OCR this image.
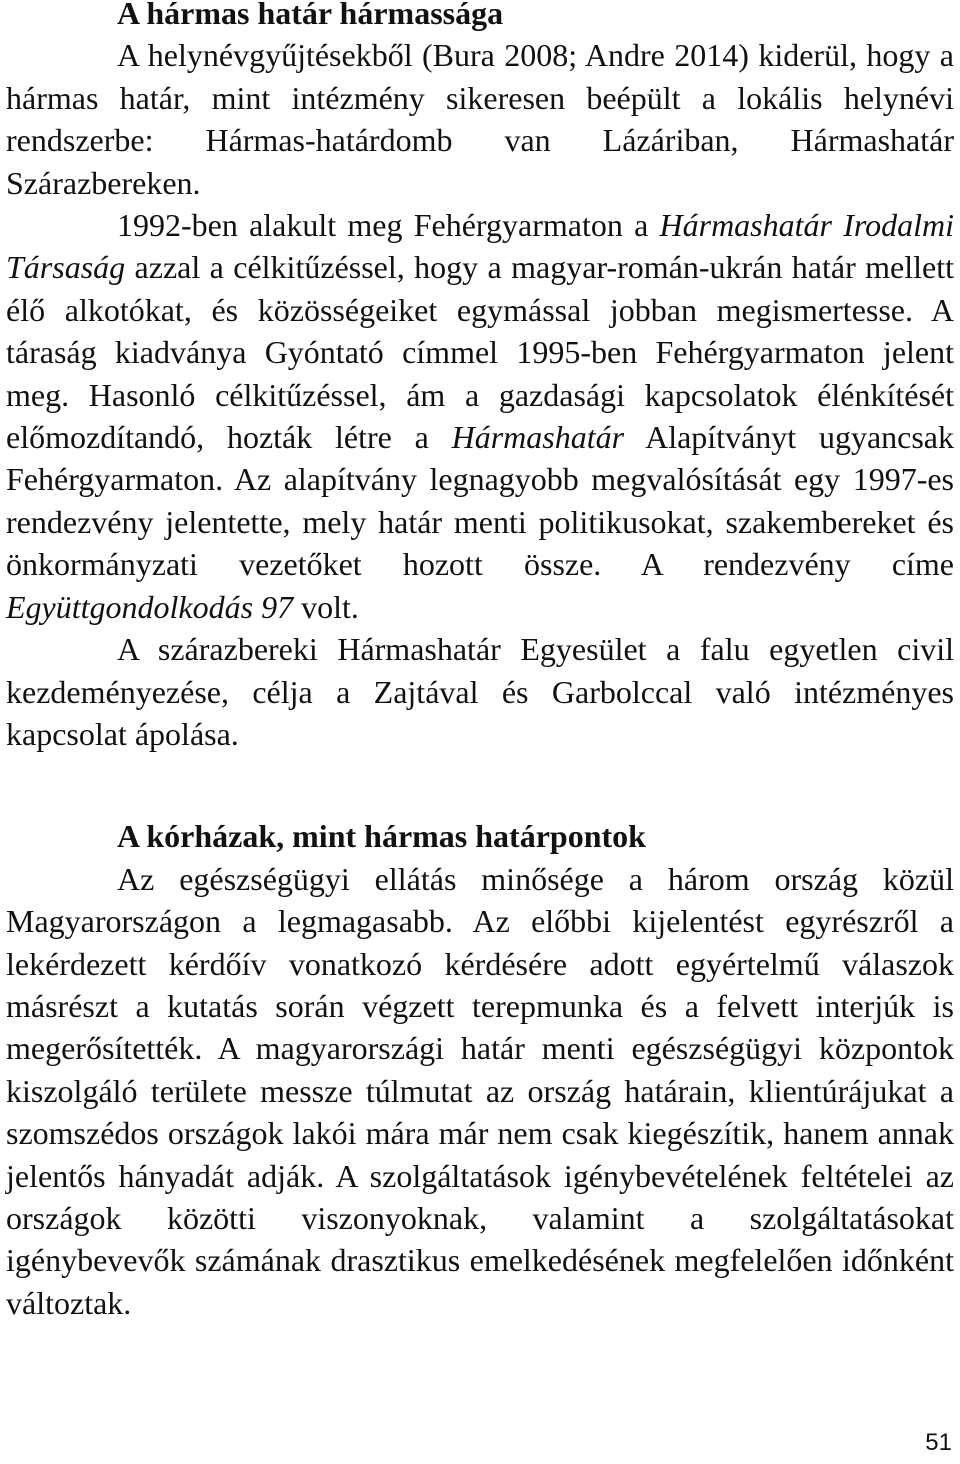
A hármas határ hármassága

A helynévgyűjtésekből (Bura 2008; Andre 2014) kiderül, hogy a hármas határ, mint intézmény sikeresen beépült a lokális helynévi rendszerbe: Hármas-határdomb van Lázáriban, Hármashatár Szárazbereken.

1992-ben alakult meg Fehérgyarmaton a Hármashatár Irodalmi Társaság azzal a célkitűzéssel, hogy a magyar-román-ukrán határ mellett élő alkotókat, és közösségeiket egymással jobban megismertesse. A táraság kiadványa Gyóntató címmel 1995-ben Fehérgyarmaton jelent meg. Hasonló célkitűzéssel, ám a gazdasági kapcsolatok élénkítését előmozdítandó, hozták létre a Hármashatár Alapítványt ugyancsak Fehérgyarmaton. Az alapítvány legnagyobb megvalósítását egy 1997-es rendezvény jelentette, mely határ menti politikusokat, szakembereket és önkormányzati vezetőket hozott össze. A rendezvény címe Együttgondolkodás 97 volt.

A szárazbereki Hármashatár Egyesület a falu egyetlen civil kezdeményezése, célja a Zajtával és Garbolccal való intézményes kapcsolat ápolása.

A kórházak, mint hármas határpontok

Az egészségügyi ellátás minősége a három ország közül Magyarországon a legmagasabb. Az előbbi kijelentést egyrészről a lekérdezett kérdőív vonatkozó kérdésére adott egyértelmű válaszok másrészt a kutatás során végzett terepmunka és a felvett interjúk is megerősítették. A magyarországi határ menti egészségügyi központok kiszolgáló területe messze túlmutat az ország határain, klientúrájukat a szomszédos országok lakói mára már nem csak kiegészítik, hanem annak jelentős hányadát adják. A szolgáltatások igénybevételének feltételei az országok közötti viszonyoknak, valamint a szolgáltatásokat igénybevevők számának drasztikus emelkedésének megfelelően időnként változtak.

51
